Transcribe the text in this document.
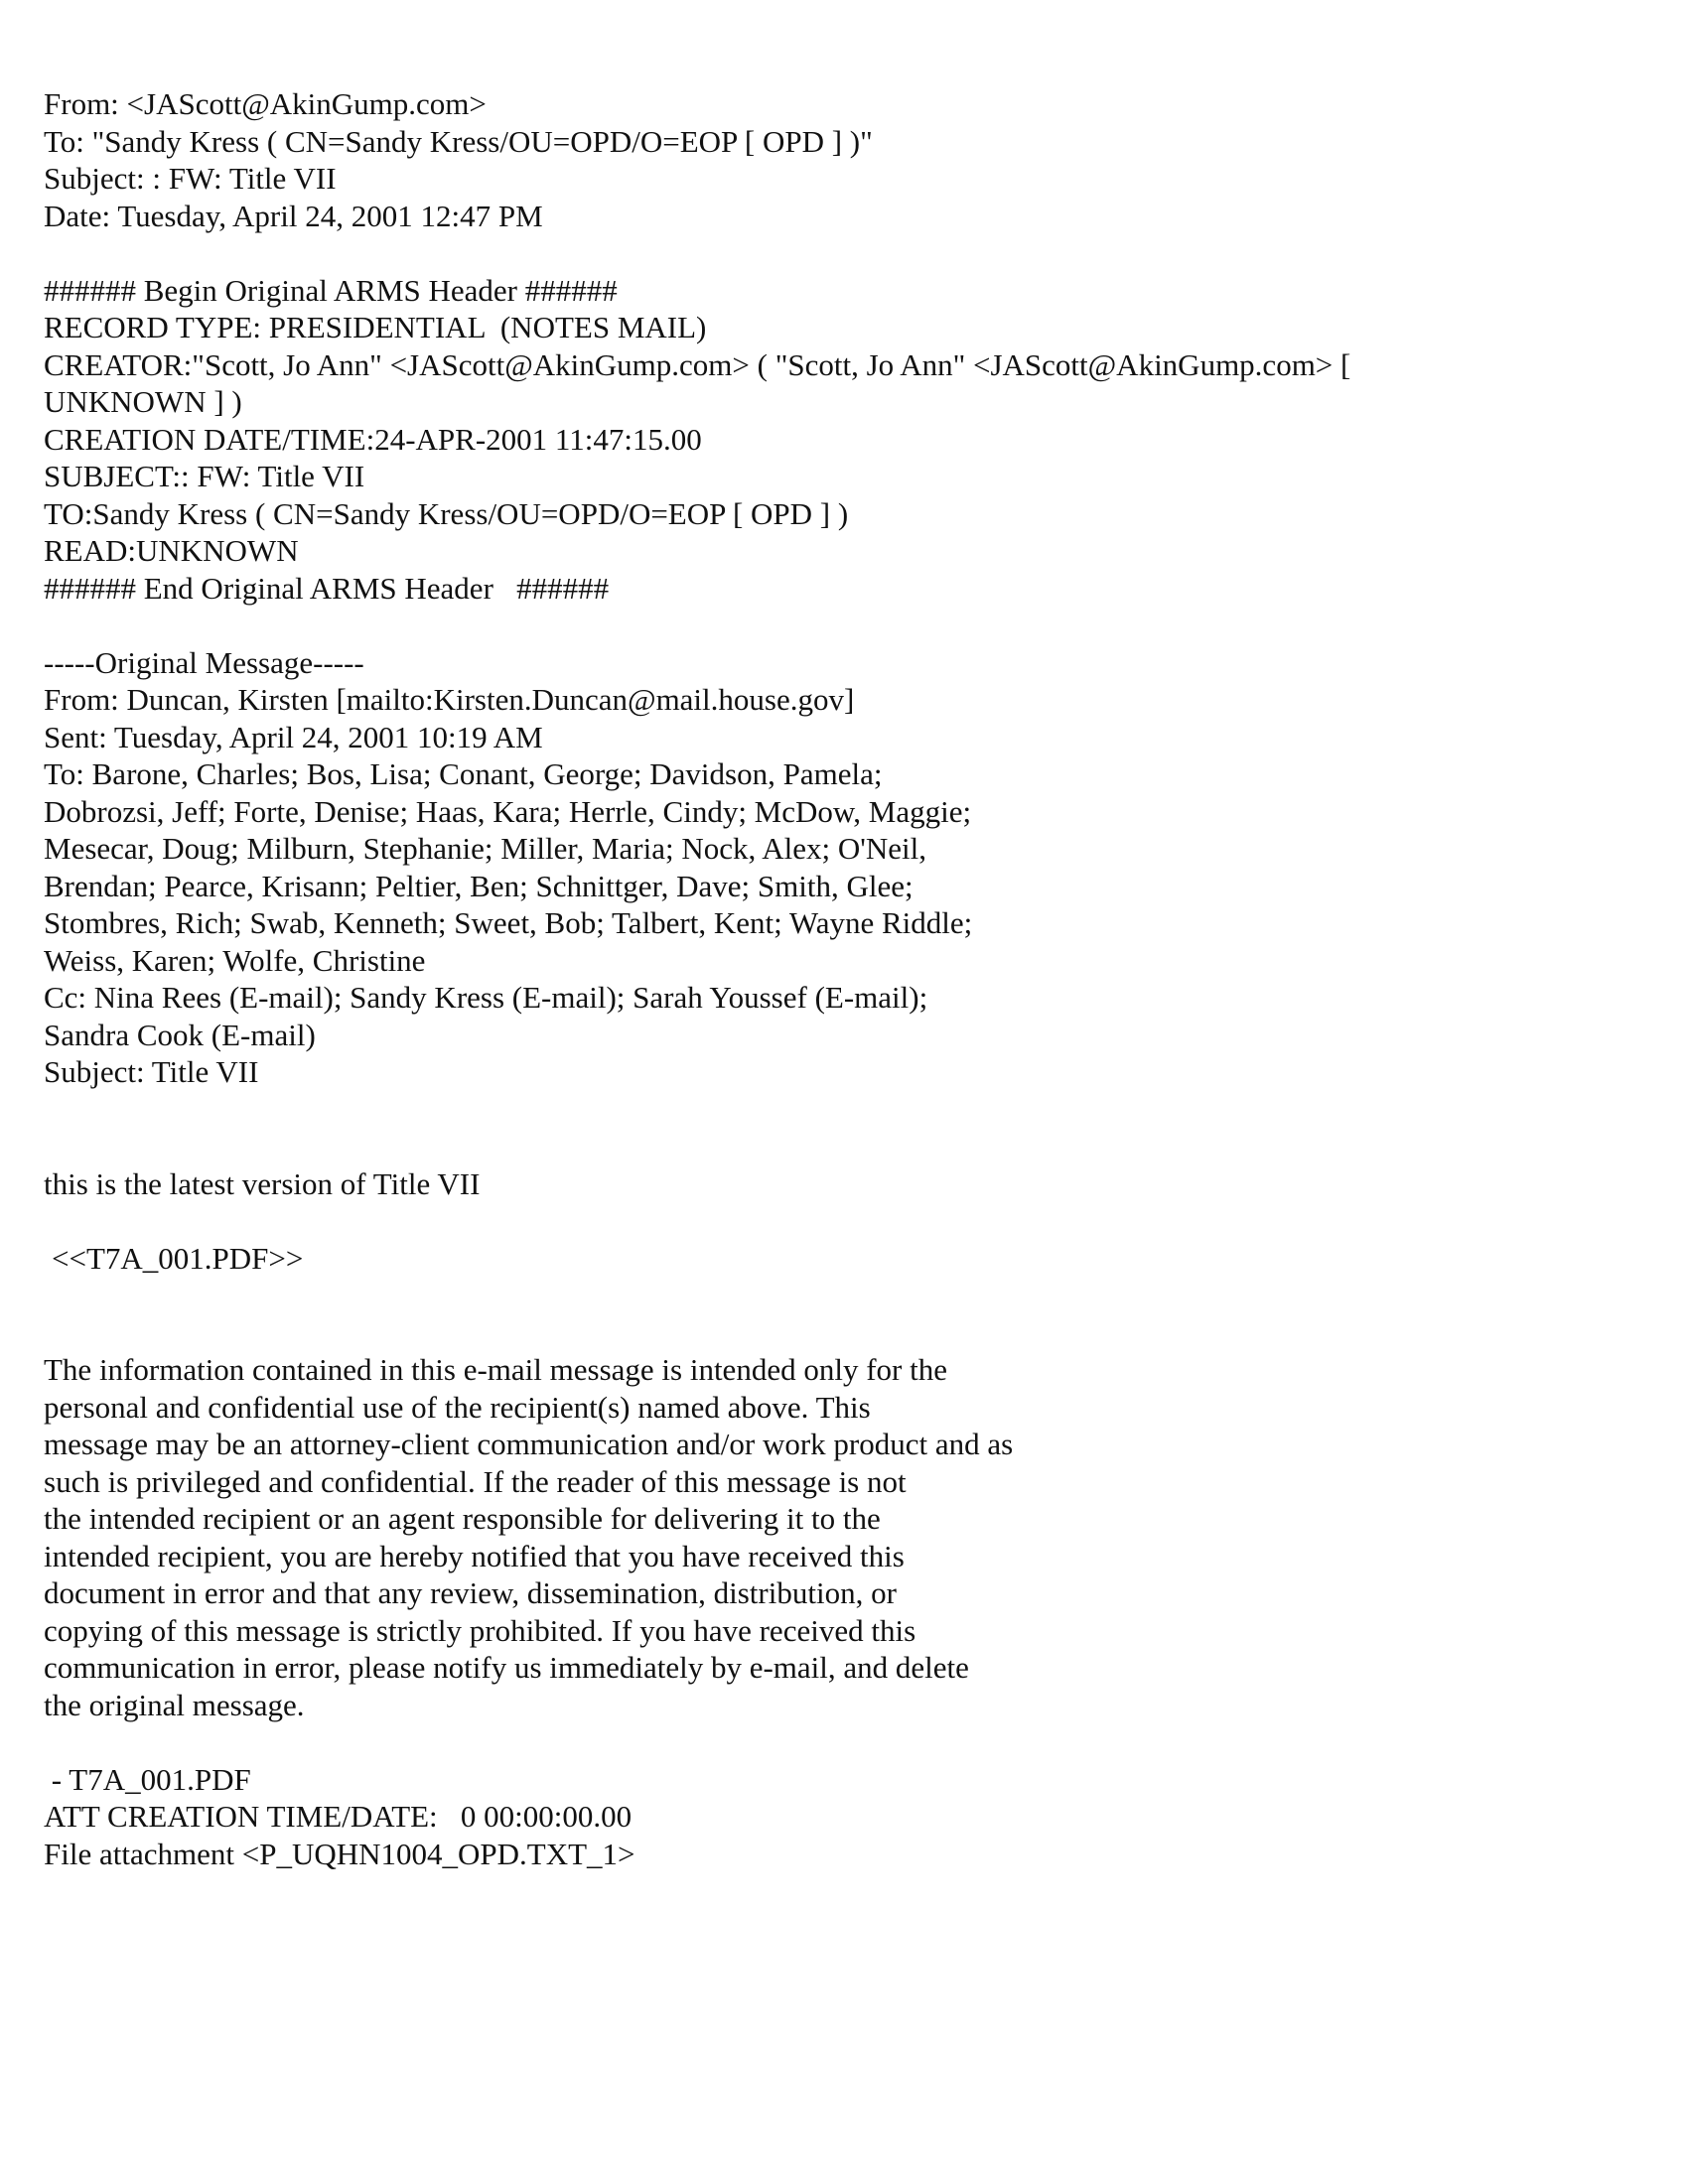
From: <JAScott@AkinGump.com>

To: "Sandy Kress ( CN=Sandy Kress/OU=OPD/O=EOP [ OPD ] )"

Subject: : FW: Title VII

Date: Tuesday, April 24, 2001 12:47 PM

###### Begin Original ARMS Header ######

RECORD TYPE: PRESIDENTIAL  (NOTES MAIL)

CREATOR:"Scott, Jo Ann" <JAScott@AkinGump.com> ( "Scott, Jo Ann" <JAScott@AkinGump.com> [

UNKNOWN ] )

CREATION DATE/TIME:24-APR-2001 11:47:15.00

SUBJECT:: FW: Title VII

TO:Sandy Kress ( CN=Sandy Kress/OU=OPD/O=EOP [ OPD ] )

READ:UNKNOWN

###### End Original ARMS Header   ######

-----Original Message-----

From: Duncan, Kirsten [mailto:Kirsten.Duncan@mail.house.gov]

Sent: Tuesday, April 24, 2001 10:19 AM

To: Barone, Charles; Bos, Lisa; Conant, George; Davidson, Pamela;

Dobrozsi, Jeff; Forte, Denise; Haas, Kara; Herrle, Cindy; McDow, Maggie;

Mesecar, Doug; Milburn, Stephanie; Miller, Maria; Nock, Alex; O'Neil,

Brendan; Pearce, Krisann; Peltier, Ben; Schnittger, Dave; Smith, Glee;

Stombres, Rich; Swab, Kenneth; Sweet, Bob; Talbert, Kent; Wayne Riddle;

Weiss, Karen; Wolfe, Christine

Cc: Nina Rees (E-mail); Sandy Kress (E-mail); Sarah Youssef (E-mail);

Sandra Cook (E-mail)

Subject: Title VII

this is the latest version of Title VII

<<T7A_001.PDF>>

The information contained in this e-mail message is intended only for the

personal and confidential use of the recipient(s) named above. This

message may be an attorney-client communication and/or work product and as

such is privileged and confidential. If the reader of this message is not

the intended recipient or an agent responsible for delivering it to the

intended recipient, you are hereby notified that you have received this

document in error and that any review, dissemination, distribution, or

copying of this message is strictly prohibited. If you have received this

communication in error, please notify us immediately by e-mail, and delete

the original message.

- T7A_001.PDF

ATT CREATION TIME/DATE:   0 00:00:00.00

File attachment <P_UQHN1004_OPD.TXT_1>
